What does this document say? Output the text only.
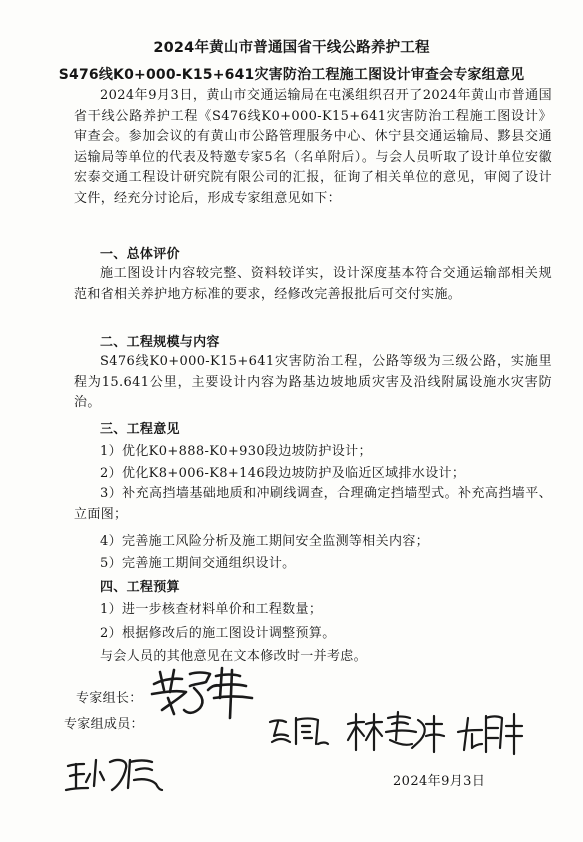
2024年黄山市普通国省干线公路养护工程
S476线K0+000-K15+641灾害防治工程施工图设计审查会专家组意见

2024年9月3日，黄山市交通运输局在屯溪组织召开了2024年黄山市普通国省干线公路养护工程《S476线K0+000-K15+641灾害防治工程施工图设计》审查会。参加会议的有黄山市公路管理服务中心、休宁县交通运输局、黟县交通运输局等单位的代表及特邀专家5名（名单附后）。与会人员听取了设计单位安徽宏泰交通工程设计研究院有限公司的汇报，征询了相关单位的意见，审阅了设计文件，经充分讨论后，形成专家组意见如下：

一、总体评价

施工图设计内容较完整、资料较详实，设计深度基本符合交通运输部相关规范和省相关养护地方标准的要求，经修改完善报批后可交付实施。

二、工程规模与内容

S476线K0+000-K15+641灾害防治工程，公路等级为三级公路，实施里程为15.641公里，主要设计内容为路基边坡地质灾害及沿线附属设施水灾害防治。

三、工程意见
1）优化K0+888-K0+930段边坡防护设计；
2）优化K8+006-K8+146段边坡防护及临近区域排水设计；

3）补充高挡墙基础地质和冲刷线调查，合理确定挡墙型式。补充高挡墙平、立面图；

4）完善施工风险分析及施工期间安全监测等相关内容；
5）完善施工期间交通组织设计。
四、工程预算
1）进一步核查材料单价和工程数量；
2）根据修改后的施工图设计调整预算。
与会人员的其他意见在文本修改时一并考虑。
专家组长：
专家组成员：
2024年9月3日
